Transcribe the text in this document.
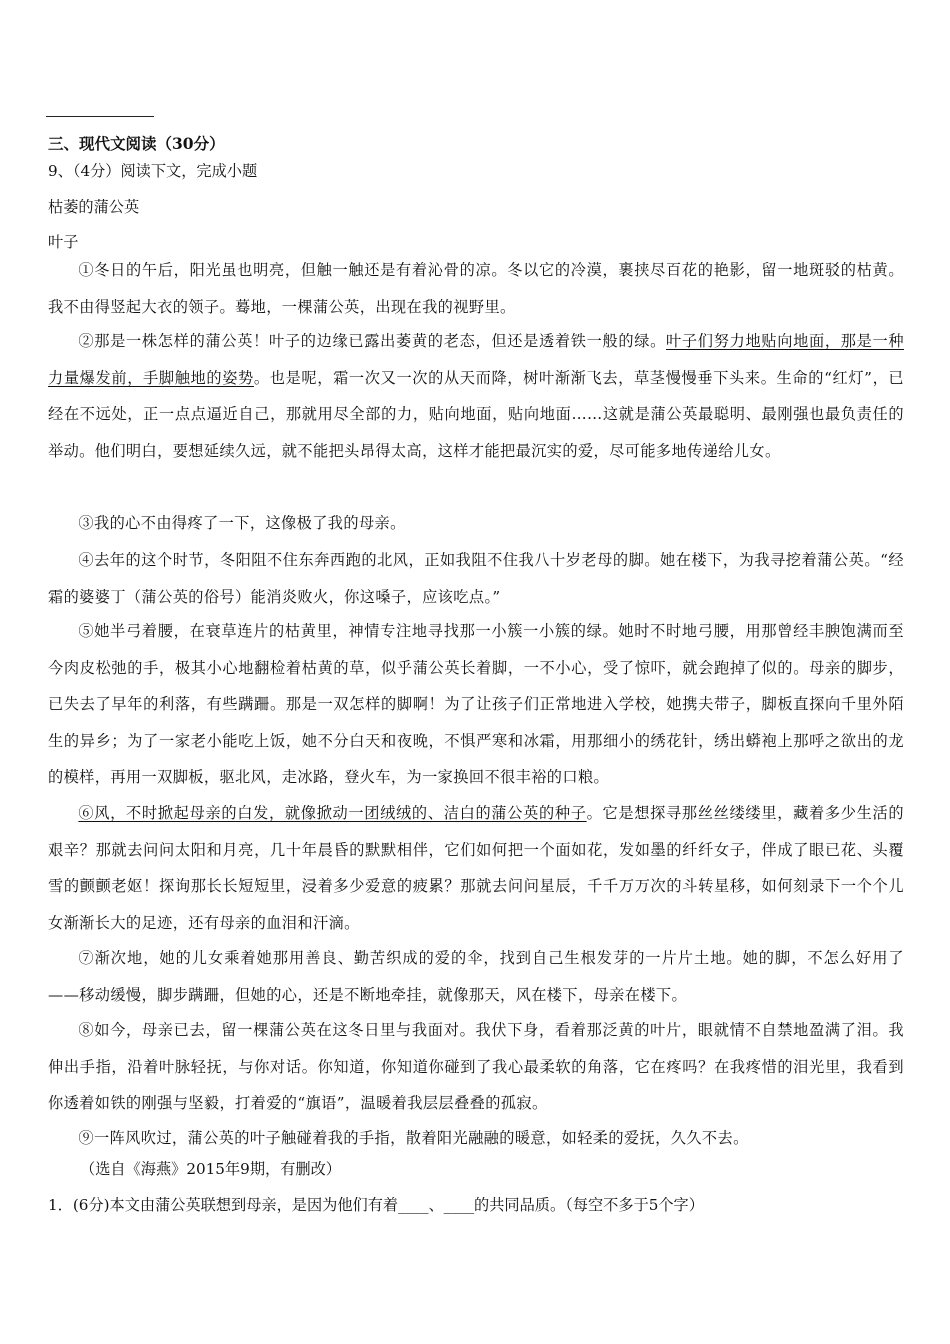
三、现代文阅读（30分）
9、（4分）阅读下文，完成小题
枯萎的蒲公英
叶子
①冬日的午后，阳光虽也明亮，但触一触还是有着沁骨的凉。冬以它的冷漠，裹挟尽百花的艳影，留一地斑驳的枯黄。我不由得竖起大衣的领子。蓦地，一棵蒲公英，出现在我的视野里。
②那是一株怎样的蒲公英！叶子的边缘已露出萎黄的老态，但还是透着铁一般的绿。叶子们努力地贴向地面，那是一种力量爆发前，手脚触地的姿势。也是呢，霜一次又一次的从天而降，树叶渐渐飞去，草茎慢慢垂下头来。生命的“红灯”，已经在不远处，正一点点逼近自己，那就用尽全部的力，贴向地面，贴向地面……这就是蒲公英最聪明、最刚强也最负责任的举动。他们明白，要想延续久远，就不能把头昂得太高，这样才能把最沉实的爱，尽可能多地传递给儿女。
③我的心不由得疼了一下，这像极了我的母亲。
④去年的这个时节，冬阳阻不住东奔西跑的北风，正如我阻不住我八十岁老母的脚。她在楼下，为我寻挖着蒲公英。“经霜的婆婆丁（蒲公英的俗号）能消炎败火，你这嗓子，应该吃点。”
⑤她半弓着腰，在衰草连片的枯黄里，神情专注地寻找那一小簇一小簇的绿。她时不时地弓腰，用那曾经丰腴饱满而至今肉皮松弛的手，极其小心地翻检着枯黄的草，似乎蒲公英长着脚，一不小心，受了惊吓，就会跑掉了似的。母亲的脚步，已失去了早年的利落，有些蹒跚。那是一双怎样的脚啊！为了让孩子们正常地进入学校，她携夫带子，脚板直探向千里外陌生的异乡；为了一家老小能吃上饭，她不分白天和夜晚，不惧严寒和冰霜，用那细小的绣花针，绣出蟒袍上那呼之欲出的龙的模样，再用一双脚板，驱北风，走冰路，登火车，为一家换回不很丰裕的口粮。
⑥风，不时掀起母亲的白发，就像掀动一团绒绒的、洁白的蒲公英的种子。它是想探寻那丝丝缕缕里，藏着多少生活的艰辛？那就去问问太阳和月亮，几十年晨昏的默默相伴，它们如何把一个面如花，发如墨的纤纤女子，伴成了眼已花、头覆雪的颤颤老妪！探询那长长短短里，浸着多少爱意的疲累？那就去问问星辰，千千万万次的斗转星移，如何刻录下一个个儿女渐渐长大的足迹，还有母亲的血泪和汗滴。
⑦渐次地，她的儿女乘着她那用善良、勤苦织成的爱的伞，找到自己生根发芽的一片片土地。她的脚，不怎么好用了——移动缓慢，脚步蹒跚，但她的心，还是不断地牵挂，就像那天，风在楼下，母亲在楼下。
⑧如今，母亲已去，留一棵蒲公英在这冬日里与我面对。我伏下身，看着那泛黄的叶片，眼就情不自禁地盈满了泪。我伸出手指，沿着叶脉轻抚，与你对话。你知道，你知道你碰到了我心最柔软的角落，它在疼吗？在我疼惜的泪光里，我看到你透着如铁的刚强与坚毅，打着爱的“旗语”，温暖着我层层叠叠的孤寂。
⑨一阵风吹过，蒲公英的叶子触碰着我的手指，散着阳光融融的暖意，如轻柔的爱抚，久久不去。
（选自《海燕》2015年9期，有删改）
1．(6分)本文由蒲公英联想到母亲，是因为他们有着____、____的共同品质。（每空不多于5个字）
